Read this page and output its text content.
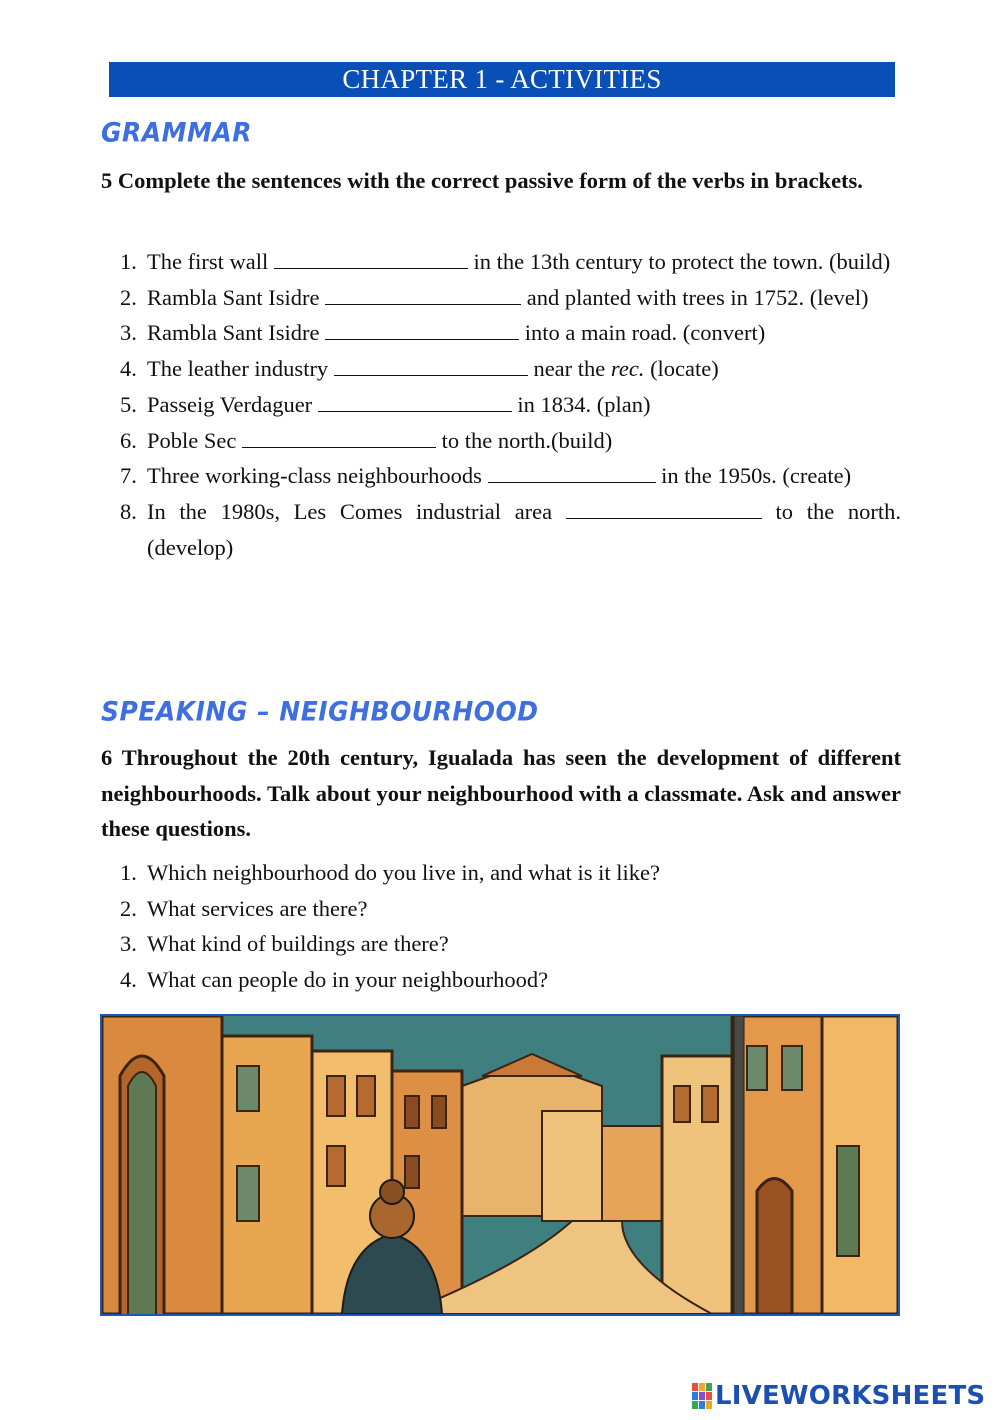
CHAPTER 1 - ACTIVITIES
GRAMMAR
5 Complete the sentences with the correct passive form of the verbs in brackets.
1. The first wall	in the 13th century to protect the town. (build)
2. Rambla Sant Isidre	and planted with trees in 1752. (level)
3. Rambla Sant Isidre	into a main road. (convert)
4. The leather industry	near the rec. (locate)
5. Passeig Verdaguer	in 1834. (plan)
6. Poble Sec	to the north.(build)
7. Three working-class neighbourhoods	in the 1950s. (create)
8. In the 1980s, Les Comes industrial area	to the north. (develop)
SPEAKING – NEIGHBOURHOOD
6 Throughout the 20th century, Igualada has seen the development of different neighbourhoods. Talk about your neighbourhood with a classmate. Ask and answer these questions.
1. Which neighbourhood do you live in, and what is it like?
2. What services are there?
3. What kind of buildings are there?
4. What can people do in your neighbourhood?
LIVEWORKSHEETS
